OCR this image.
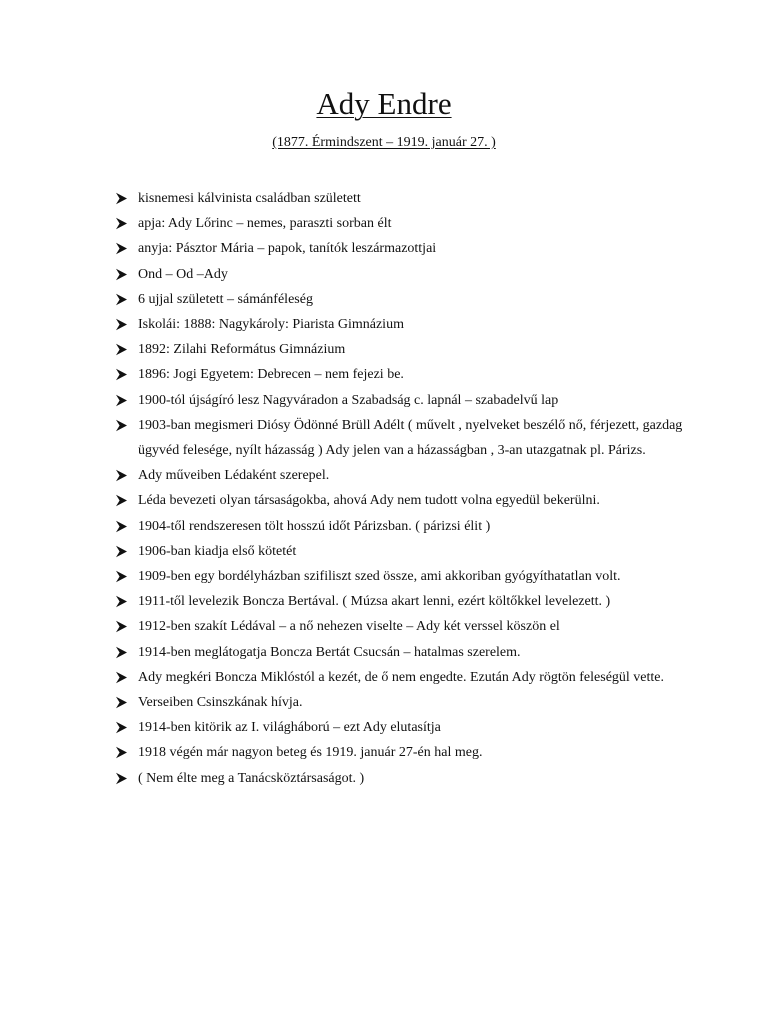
Ady Endre
(1877. Érmindszent – 1919. január 27. )
kisnemesi kálvinista családban született
apja: Ady Lőrinc – nemes, paraszti sorban élt
anyja: Pásztor Mária – papok, tanítók leszármazottjai
Ond – Od –Ady
6 ujjal született – sámánféleség
Iskolái: 1888: Nagykároly: Piarista Gimnázium
1892: Zilahi Református Gimnázium
1896: Jogi Egyetem: Debrecen – nem fejezi be.
1900-tól újságíró lesz Nagyváradon a Szabadság c. lapnál – szabadelvű lap
1903-ban megismeri Diósy Ödönné Brüll Adélt ( művelt , nyelveket beszélő nő, férjezett, gazdag ügyvéd felesége, nyílt házasság ) Ady jelen van a házasságban , 3-an utazgatnak pl. Párizs.
Ady műveiben Lédaként szerepel.
Léda bevezeti olyan társaságokba, ahová Ady nem tudott volna egyedül bekerülni.
1904-től rendszeresen tölt hosszú időt Párizsban. ( párizsi élit )
1906-ban kiadja első kötetét
1909-ben egy bordélyházban szifiliszt szed össze, ami akkoriban gyógyíthatatlan volt.
1911-től levelezik Boncza Bertával. ( Múzsa akart lenni, ezért költőkkel levelezett. )
1912-ben szakít Lédával – a nő nehezen viselte – Ady két verssel köszön el
1914-ben meglátogatja Boncza Bertát Csucsán – hatalmas szerelem.
Ady megkéri Boncza Miklóstól a kezét, de ő nem engedte. Ezután Ady rögtön feleségül vette.
Verseiben Csinszkának hívja.
1914-ben kitörik az I. világháború – ezt Ady elutasítja
1918 végén már nagyon beteg és 1919. január 27-én hal meg.
( Nem élte meg a Tanácsköztársaságot. )
